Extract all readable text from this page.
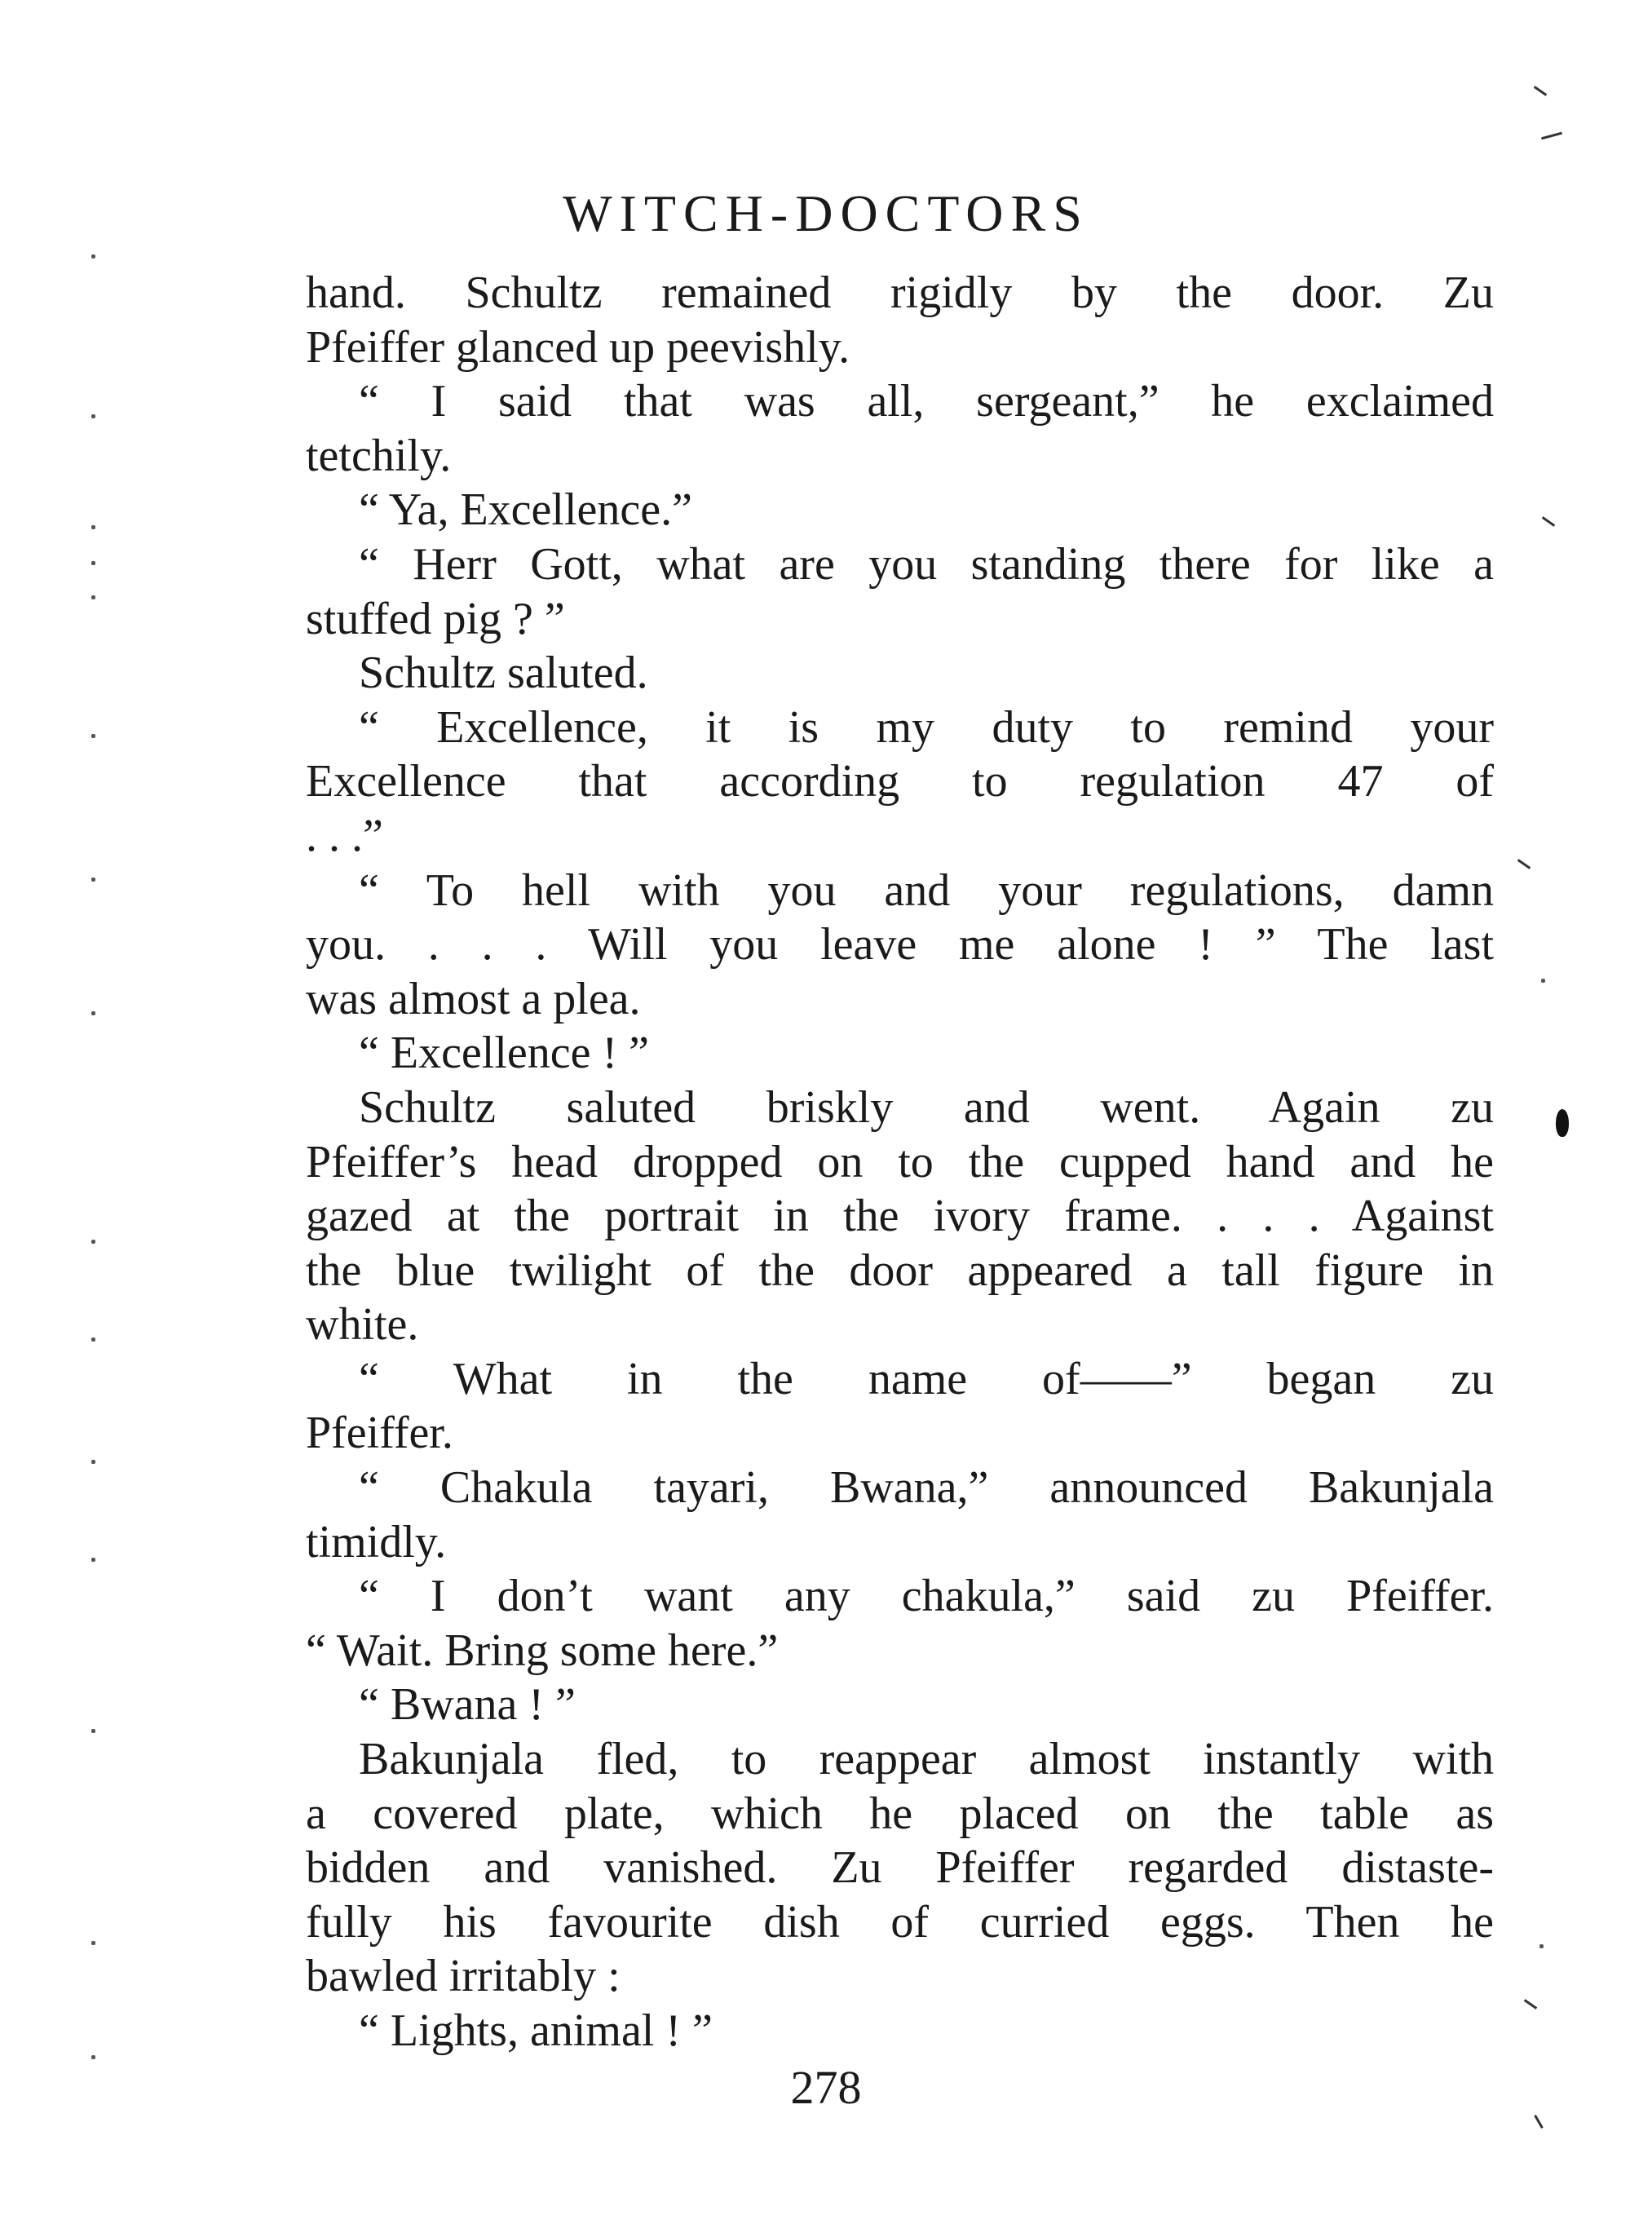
WITCH-DOCTORS
hand. Schultz remained rigidly by the door. Zu
Pfeiffer glanced up peevishly.
“ I said that was all, sergeant,” he exclaimed
tetchily.
“ Ya, Excellence.”
“ Herr Gott, what are you standing there for like a
stuffed pig ? ”
Schultz saluted.
“ Excellence, it is my duty to remind your
Excellence that according to regulation 47 of
. . .”
“ To hell with you and your regulations, damn
you. . . . Will you leave me alone ! ” The last
was almost a plea.
“ Excellence ! ”
Schultz saluted briskly and went. Again zu
Pfeiffer’s head dropped on to the cupped hand and he
gazed at the portrait in the ivory frame. . . . Against
the blue twilight of the door appeared a tall figure in
white.
“ What in the name of——” began zu
Pfeiffer.
“ Chakula tayari, Bwana,” announced Bakunjala
timidly.
“ I don’t want any chakula,” said zu Pfeiffer.
“ Wait. Bring some here.”
“ Bwana ! ”
Bakunjala fled, to reappear almost instantly with
a covered plate, which he placed on the table as
bidden and vanished. Zu Pfeiffer regarded distaste-
fully his favourite dish of curried eggs. Then he
bawled irritably :
“ Lights, animal ! ”
278
